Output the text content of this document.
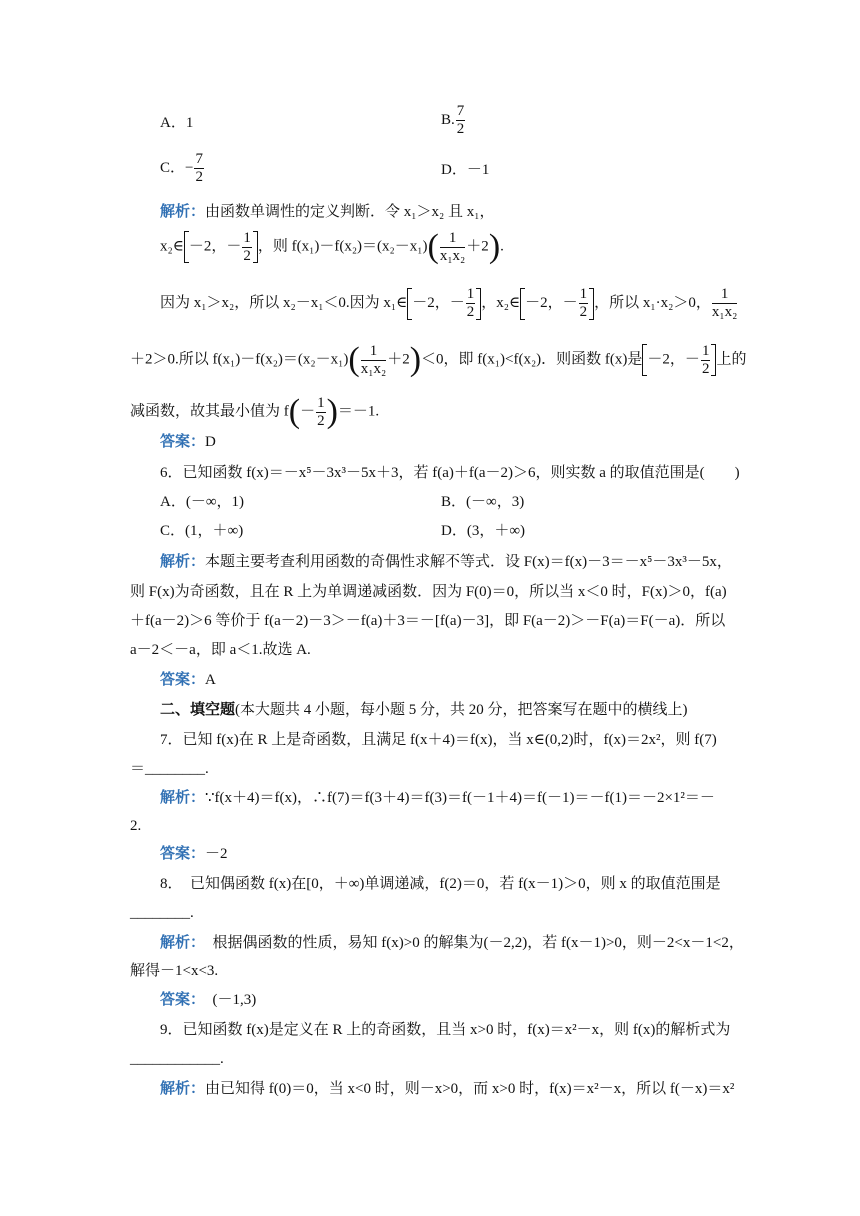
A．1	B. $\frac{7}{2}$
C．− $\frac{7}{2}$	D．－1
解析：由函数单调性的定义判断．令 x₁＞x₂ 且 x₁，
x₂∈ －2，－ $\frac{1}{2}$ ，则 $f(x_1)-f(x_2)=(x_2-x_1)( \frac{1}{\text{x₁x₂}} +2)$.
因为 x₁＞x₂，所以 x₂－x₁＜0.因为 x₁∈ －2，－ $\frac{1}{2}$ ，x₂∈ －2，－ $\frac{1}{2}$ ，所以 x₁·x₂＞0， $\frac{1}{\text{x₁x₂}}$
＋2＞0.所以 $f(x_1)-f(x_2)=(x_2-x_1)( \frac{1}{\text{x₁x₂}} +2)<0$，即 f(x₁)<f(x₂)．则函数 f(x)是 －2，－ $\frac{1}{2}$ 上的
减函数，故其最小值为 $f(- \frac{1}{2} )=-1$.
答案：D
6．已知函数 f(x)＝－x⁵－3x³－5x＋3，若 f(a)＋f(a－2)＞6，则实数 a 的取值范围是(　　)
A．(－∞，1)	B．(－∞，3)
C．(1，＋∞)	D．(3，＋∞)
解析：本题主要考查利用函数的奇偶性求解不等式．设 F(x)＝f(x)－3＝－x⁵－3x³－5x，
则 F(x)为奇函数，且在 R 上为单调递减函数．因为 F(0)＝0，所以当 x＜0 时，F(x)＞0，f(a)
＋f(a－2)＞6 等价于 f(a－2)－3＞－f(a)＋3＝－[f(a)－3]，即 F(a－2)＞－F(a)＝F(－a)．所以
a－2＜－a，即 a＜1.故选 A.
答案：A
二、填空题(本大题共 4 小题，每小题 5 分，共 20 分，把答案写在题中的横线上)
7．已知 f(x)在 R 上是奇函数，且满足 f(x＋4)＝f(x)，当 x∈(0,2)时，f(x)＝2x²，则 f(7)
＝________.
解析：∵f(x＋4)＝f(x)，∴f(7)＝f(3＋4)＝f(3)＝f(－1＋4)＝f(－1)＝－f(1)＝－2×1²＝－
2.
答案：－2
8．　已知偶函数 f(x)在[0，＋∞)单调递减，f(2)＝0，若 f(x－1)＞0，则 x 的取值范围是
________.
解析：　根据偶函数的性质，易知 f(x)>0 的解集为(－2,2)，若 f(x－1)>0，则－2<x－1<2，
解得－1<x<3.
答案：　(－1,3)
9．已知函数 f(x)是定义在 R 上的奇函数，且当 x>0 时，f(x)＝x²－x，则 f(x)的解析式为
____________.
解析：由已知得 f(0)＝0，当 x<0 时，则－x>0，而 x>0 时，f(x)＝x²－x，所以 f(－x)＝x²
